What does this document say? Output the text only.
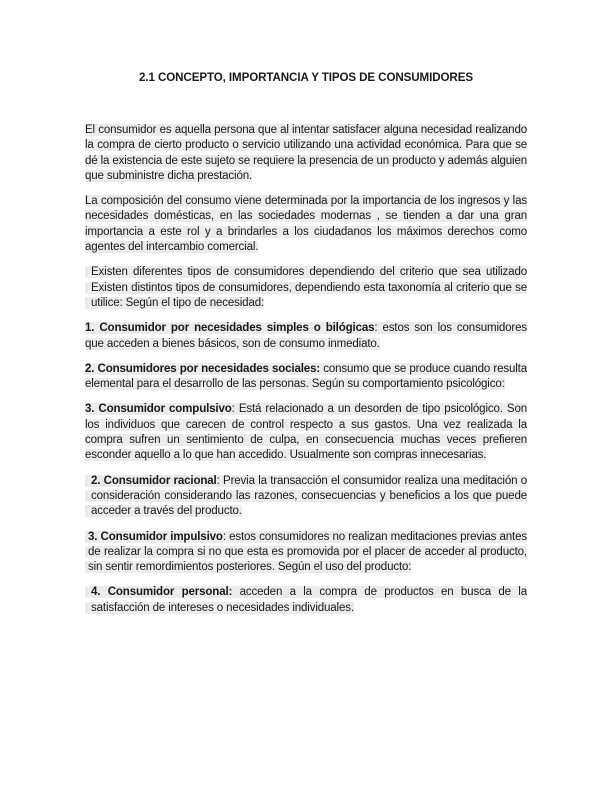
2.1 CONCEPTO, IMPORTANCIA Y TIPOS DE CONSUMIDORES

El consumidor es aquella persona que al intentar satisfacer alguna necesidad realizando la compra de cierto producto o servicio utilizando una actividad económica. Para que se dé la existencia de este sujeto se requiere la presencia de un producto y además alguien que subministre dicha prestación.

La composición del consumo viene determinada por la importancia de los ingresos y las necesidades domésticas, en las sociedades modernas , se tienden a dar una gran importancia a este rol y a brindarles a los ciudadanos los máximos derechos como agentes del intercambio comercial.

Existen diferentes tipos de consumidores dependiendo del criterio que sea utilizado Existen distintos tipos de consumidores, dependiendo esta taxonomía al criterio que se utilice: Según el tipo de necesidad:

1. Consumidor por necesidades simples o bilógicas: estos son los consumidores que acceden a bienes básicos, son de consumo inmediato.

2. Consumidores por necesidades sociales: consumo que se produce cuando resulta elemental para el desarrollo de las personas. Según su comportamiento psicológico:

3. Consumidor compulsivo: Está relacionado a un desorden de tipo psicológico. Son los individuos que carecen de control respecto a sus gastos. Una vez realizada la compra sufren un sentimiento de culpa, en consecuencia muchas veces prefieren esconder aquello a lo que han accedido. Usualmente son compras innecesarias.

2. Consumidor racional: Previa la transacción el consumidor realiza una meditación o consideración considerando las razones, consecuencias y beneficios a los que puede acceder a través del producto.

3. Consumidor impulsivo: estos consumidores no realizan meditaciones previas antes de realizar la compra si no que esta es promovida por el placer de acceder al producto, sin sentir remordimientos posteriores. Según el uso del producto:

4. Consumidor personal: acceden a la compra de productos en busca de la satisfacción de intereses o necesidades individuales.
